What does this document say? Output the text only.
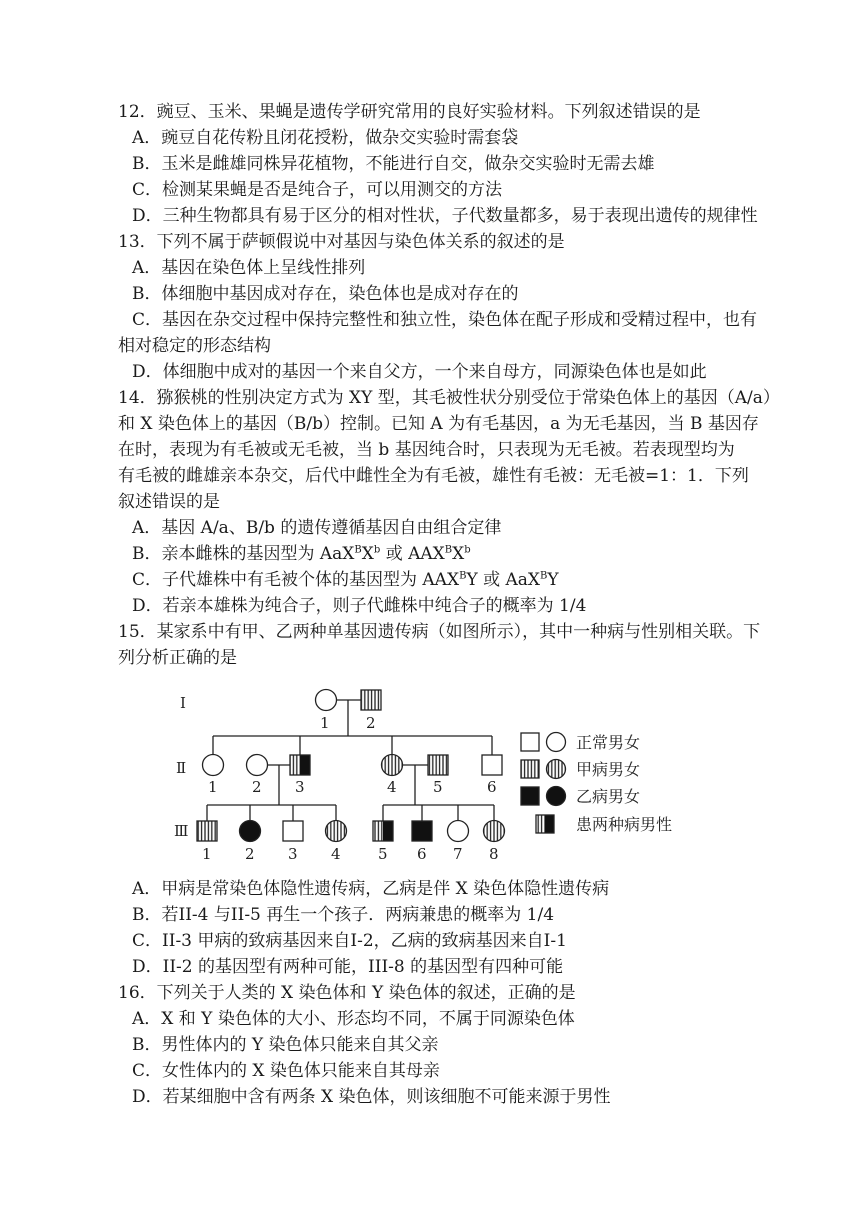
12．豌豆、玉米、果蝇是遗传学研究常用的良好实验材料。下列叙述错误的是
A．豌豆自花传粉且闭花授粉，做杂交实验时需套袋
B．玉米是雌雄同株异花植物，不能进行自交，做杂交实验时无需去雄
C．检测某果蝇是否是纯合子，可以用测交的方法
D．三种生物都具有易于区分的相对性状，子代数量都多，易于表现出遗传的规律性
13．下列不属于萨顿假说中对基因与染色体关系的叙述的是
A．基因在染色体上呈线性排列
B．体细胞中基因成对存在，染色体也是成对存在的
C．基因在杂交过程中保持完整性和独立性，染色体在配子形成和受精过程中，也有
相对稳定的形态结构
D．体细胞中成对的基因一个来自父方，一个来自母方，同源染色体也是如此
14．猕猴桃的性别决定方式为 XY 型，其毛被性状分别受位于常染色体上的基因（A/a）
和 X 染色体上的基因（B/b）控制。已知 A 为有毛基因，a 为无毛基因，当 B 基因存
在时，表现为有毛被或无毛被，当 b 基因纯合时，只表现为无毛被。若表现型均为
有毛被的雌雄亲本杂交，后代中雌性全为有毛被，雄性有毛被：无毛被=1：1．下列
叙述错误的是
A．基因 A/a、B/b 的遗传遵循基因自由组合定律
B．亲本雌株的基因型为 $AaX^BX^b$ 或 $AAX^BX^b$
C．子代雄株中有毛被个体的基因型为 $AAX^BY$ 或 AaX$^B$Y
D．若亲本雄株为纯合子，则子代雌株中纯合子的概率为 1/4
15．某家系中有甲、乙两种单基因遗传病（如图所示），其中一种病与性别相关联。下
列分析正确的是
I
Ⅱ
Ⅲ
1 2
1 2 3	4 5	6
1 2 3 4 5 6 7 8
正常男女
甲病男女
乙病男女
患两种病男性
A．甲病是常染色体隐性遗传病，乙病是伴 X 染色体隐性遗传病
B．若II-4 与II-5 再生一个孩子．两病兼患的概率为 1/4
C．II-3 甲病的致病基因来自I-2，乙病的致病基因来自I-1
D．II-2 的基因型有两种可能，III-8 的基因型有四种可能
16．下列关于人类的 X 染色体和 Y 染色体的叙述，正确的是
A．X 和 Y 染色体的大小、形态均不同，不属于同源染色体
B．男性体内的 Y 染色体只能来自其父亲
C．女性体内的 X 染色体只能来自其母亲
D．若某细胞中含有两条 X 染色体，则该细胞不可能来源于男性
